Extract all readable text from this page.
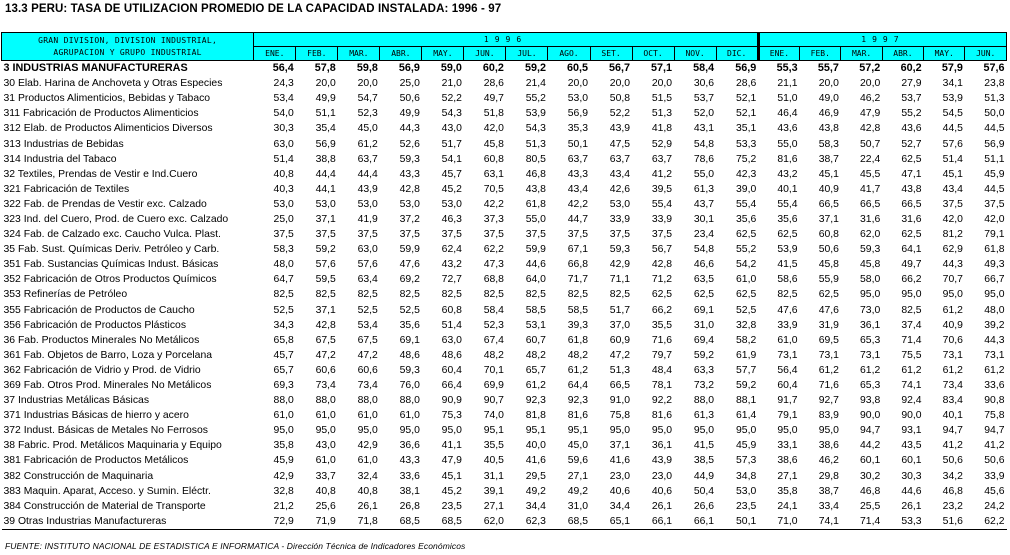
13.3 PERU: TASA DE UTILIZACION PROMEDIO DE LA CAPACIDAD INSTALADA: 1996 - 97
GRAN DIVISION, DIVISION INDUSTRIAL,
AGRUPACION Y GRUPO INDUSTRIAL	1996												1997					
	ENE.	FEB.	MAR.	ABR.	MAY.	JUN.	JUL.	AGO.	SET.	OCT.	NOV.	DIC.	ENE.	FEB.	MAR.	ABR.	MAY.	JUN.
3 INDUSTRIAS MANUFACTURERAS	56,4	57,8	59,8	56,9	59,0	60,2	59,2	60,5	56,7	57,1	58,4	56,9	55,3	55,7	57,2	60,2	57,9	57,6
30 Elab. Harina de Anchoveta y Otras Especies	24,3	20,0	20,0	25,0	21,0	28,6	21,4	20,0	20,0	20,0	30,6	28,6	21,1	20,0	20,0	27,9	34,1	23,8
31 Productos Alimenticios, Bebidas y Tabaco	53,4	49,9	54,7	50,6	52,2	49,7	55,2	53,0	50,8	51,5	53,7	52,1	51,0	49,0	46,2	53,7	53,9	51,3
311 Fabricación de Productos Alimenticios	54,0	51,1	52,3	49,9	54,3	51,8	53,9	56,9	52,2	51,3	52,0	52,1	46,4	46,9	47,9	55,2	54,5	50,0
312 Elab. de Productos Alimenticios Diversos	30,3	35,4	45,0	44,3	43,0	42,0	54,3	35,3	43,9	41,8	43,1	35,1	43,6	43,8	42,8	43,6	44,5	44,5
313 Industrias de Bebidas	63,0	56,9	61,2	52,6	51,7	45,8	51,3	50,1	47,5	52,9	54,8	53,3	55,0	58,3	50,7	52,7	57,6	56,9
314 Industria del Tabaco	51,4	38,8	63,7	59,3	54,1	60,8	80,5	63,7	63,7	63,7	78,6	75,2	81,6	38,7	22,4	62,5	51,4	51,1
32 Textiles, Prendas de Vestir e Ind.Cuero	40,8	44,4	44,4	43,3	45,7	63,1	46,8	43,3	43,4	41,2	55,0	42,3	43,2	45,1	45,5	47,1	45,1	45,9
321 Fabricación de Textiles	40,3	44,1	43,9	42,8	45,2	70,5	43,8	43,4	42,6	39,5	61,3	39,0	40,1	40,9	41,7	43,8	43,4	44,5
322 Fab. de Prendas de Vestir exc. Calzado	53,0	53,0	53,0	53,0	53,0	42,2	61,8	42,2	53,0	55,4	43,7	55,4	55,4	66,5	66,5	66,5	37,5	37,5
323 Ind. del Cuero, Prod. de Cuero exc. Calzado	25,0	37,1	41,9	37,2	46,3	37,3	55,0	44,7	33,9	33,9	30,1	35,6	35,6	37,1	31,6	31,6	42,0	42,0
324 Fab. de Calzado exc. Caucho Vulca. Plast.	37,5	37,5	37,5	37,5	37,5	37,5	37,5	37,5	37,5	37,5	23,4	62,5	62,5	60,8	62,0	62,5	81,2	79,1
35 Fab. Sust. Químicas Deriv. Petróleo y Carb.	58,3	59,2	63,0	59,9	62,4	62,2	59,9	67,1	59,3	56,7	54,8	55,2	53,9	50,6	59,3	64,1	62,9	61,8
351 Fab. Sustancias Químicas Indust. Básicas	48,0	57,6	57,6	47,6	43,2	47,3	44,6	66,8	42,9	42,8	46,6	54,2	41,5	45,8	45,8	49,7	44,3	49,3
352 Fabricación de Otros Productos Químicos	64,7	59,5	63,4	69,2	72,7	68,8	64,0	71,7	71,1	71,2	63,5	61,0	58,6	55,9	58,0	66,2	70,7	66,7
353 Refinerías de Petróleo	82,5	82,5	82,5	82,5	82,5	82,5	82,5	82,5	82,5	62,5	62,5	62,5	82,5	62,5	95,0	95,0	95,0	95,0
355 Fabricación de Productos de Caucho	52,5	37,1	52,5	52,5	60,8	58,4	58,5	58,5	51,7	66,2	69,1	52,5	47,6	47,6	73,0	82,5	61,2	48,0
356 Fabricación de Productos Plásticos	34,3	42,8	53,4	35,6	51,4	52,3	53,1	39,3	37,0	35,5	31,0	32,8	33,9	31,9	36,1	37,4	40,9	39,2
36 Fab. Productos Minerales No Metálicos	65,8	67,5	67,5	69,1	63,0	67,4	60,7	61,8	60,9	71,6	69,4	58,2	61,0	69,5	65,3	71,4	70,6	44,3
361 Fab. Objetos de Barro, Loza y Porcelana	45,7	47,2	47,2	48,6	48,6	48,2	48,2	48,2	47,2	79,7	59,2	61,9	73,1	73,1	73,1	75,5	73,1	73,1
362 Fabricación de Vidrio y Prod. de Vidrio	65,7	60,6	60,6	59,3	60,4	70,1	65,7	61,2	51,3	48,4	63,3	57,7	56,4	61,2	61,2	61,2	61,2	61,2
369 Fab. Otros Prod. Minerales No Metálicos	69,3	73,4	73,4	76,0	66,4	69,9	61,2	64,4	66,5	78,1	73,2	59,2	60,4	71,6	65,3	74,1	73,4	33,6
37 Industrias Metálicas Básicas	88,0	88,0	88,0	88,0	90,9	90,7	92,3	92,3	91,0	92,2	88,0	88,1	91,7	92,7	93,8	92,4	83,4	90,8
371 Industrias Básicas de hierro y acero	61,0	61,0	61,0	61,0	75,3	74,0	81,8	81,6	75,8	81,6	61,3	61,4	79,1	83,9	90,0	90,0	40,1	75,8
372 Indust. Básicas de Metales No Ferrosos	95,0	95,0	95,0	95,0	95,0	95,1	95,1	95,1	95,0	95,0	95,0	95,0	95,0	95,0	94,7	93,1	94,7	94,7
38 Fabric. Prod. Metálicos Maquinaria y Equipo	35,8	43,0	42,9	36,6	41,1	35,5	40,0	45,0	37,1	36,1	41,5	45,9	33,1	38,6	44,2	43,5	41,2	41,2
381 Fabricación de Productos Metálicos	45,9	61,0	61,0	43,3	47,9	40,5	41,6	59,6	41,6	43,9	38,5	57,3	38,6	46,2	60,1	60,1	50,6	50,6
382 Construcción de Maquinaria	42,9	33,7	32,4	33,6	45,1	31,1	29,5	27,1	23,0	23,0	44,9	34,8	27,1	29,8	30,2	30,3	34,2	33,9
383 Maquin. Aparat, Acceso. y Sumin. Eléctr.	32,8	40,8	40,8	38,1	45,2	39,1	49,2	49,2	40,6	40,6	50,4	53,0	35,8	38,7	46,8	44,6	46,8	45,6
384 Construcción de Material de Transporte	21,2	25,6	26,1	26,8	23,5	27,1	34,4	31,0	34,4	26,1	26,6	23,5	24,1	33,4	25,5	26,1	23,2	24,2
39 Otras Industrias Manufactureras	72,9	71,9	71,8	68,5	68,5	62,0	62,3	68,5	65,1	66,1	66,1	50,1	71,0	74,1	71,4	53,3	51,6	62,2
FUENTE: INSTITUTO NACIONAL DE ESTADISTICA E INFORMATICA - Dirección Técnica de Indicadores Económicos
